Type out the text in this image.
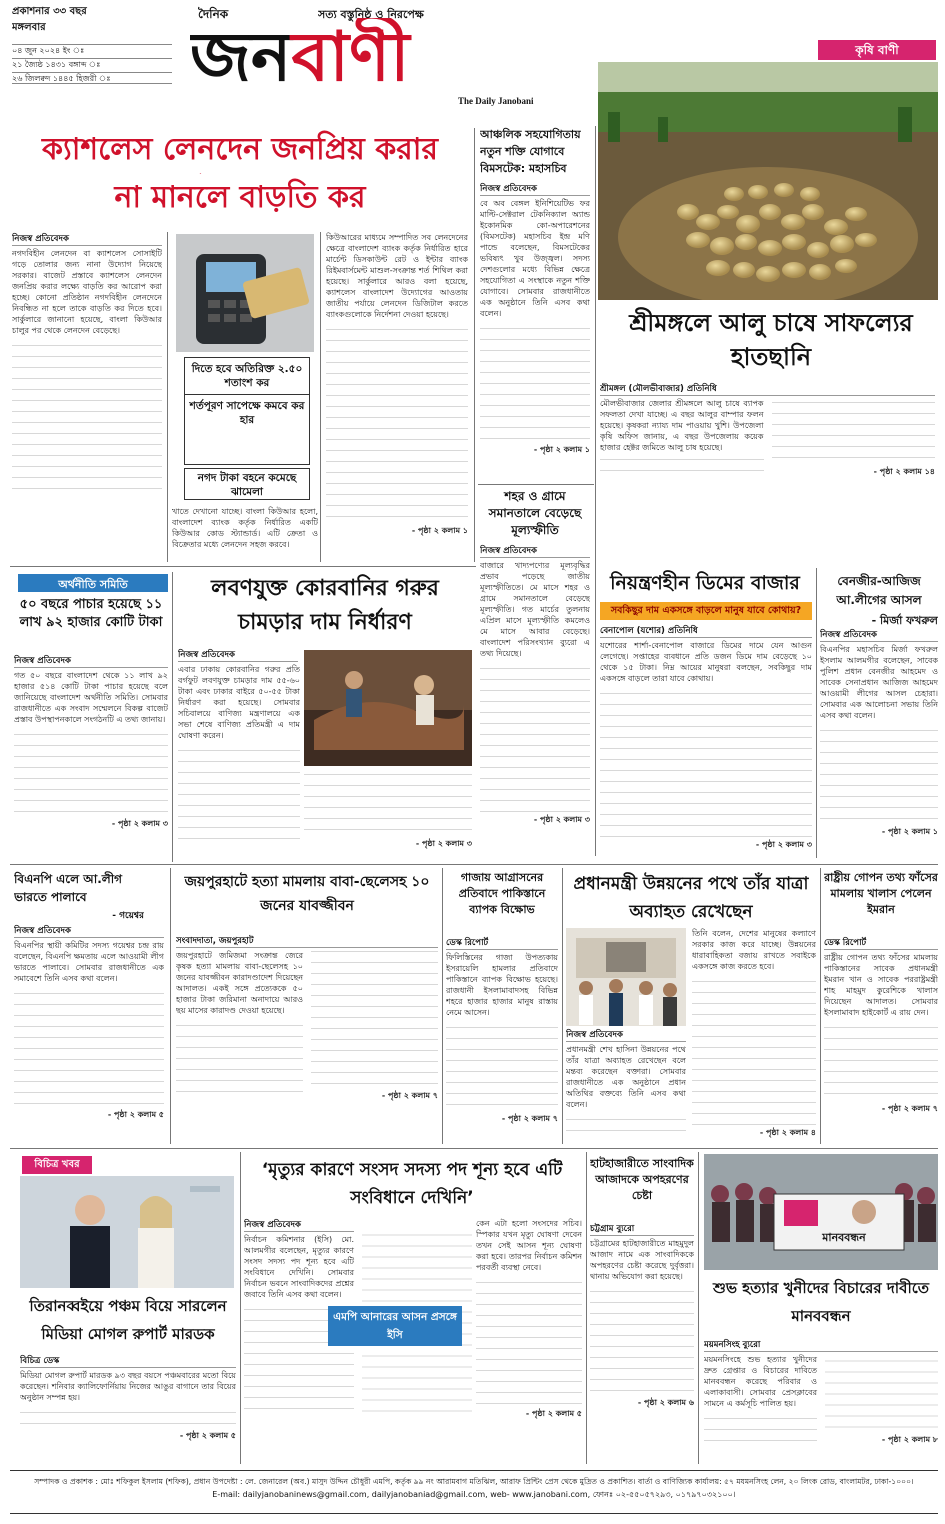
প্রকাশনার ৩৩ বছর
মঙ্গলবার
০৪ জুন ২০২৪ ইং ঃ
২১ জ্যৈষ্ঠ ১৪৩১ বঙ্গাব্দ ঃ
২৬ জিলক্বদ ১৪৪৫ হিজরী ঃ
দৈনিক	সত্য বস্তুনিষ্ঠ ও নিরপেক্ষ
জনবাণী
The Daily Janobani
কৃষি বাণী
শ্রীমঙ্গলে আলু চাষে সাফল্যের হাতছানি
শ্রীমঙ্গল (মৌলভীবাজার) প্রতিনিধি
মৌলভীবাজার জেলার শ্রীমঙ্গলে আলু চাষে ব্যাপক সফলতা দেখা যাচ্ছে। এ বছর আলুর বাম্পার ফলন হয়েছে। কৃষকরা ন্যায্য দাম পাওয়ায় খুশি। উপজেলা কৃষি অফিস জানায়, এ বছর উপজেলায় কয়েক হাজার হেক্টর জমিতে আলু চাষ হয়েছে।
- পৃষ্ঠা ২ কলাম ১৪
ক্যাশলেস লেনদেন জনপ্রিয় করার
না মানলে বাড়তি কর
নিজস্ব প্রতিবেদক
নগদবিহীন লেনদেন বা ক্যাশলেস সোসাইটি গড়ে তোলার জন্য নানা উদ্যোগ নিয়েছে সরকার। বাজেট প্রস্তাবে ক্যাশলেস লেনদেন জনপ্রিয় করার লক্ষ্যে বাড়তি কর আরোপ করা হচ্ছে। কোনো প্রতিষ্ঠান নগদবিহীন লেনদেনে নিবন্ধিত না হলে তাকে বাড়তি কর দিতে হবে। সার্কুলারে জানানো হয়েছে, বাংলা কিউআর চালুর পর থেকে লেনদেন বেড়েছে।
দিতে হবে অতিরিক্ত ২.৫০ শতাংশ কর
শর্তপূরণ সাপেক্ষে কমবে কর হার
নগদ টাকা বহনে কমেছে ঝামেলা
খাতে দেখানো যাচ্ছে। বাংলা কিউআর হলো, বাংলাদেশ ব্যাংক কর্তৃক নির্ধারিত একটি কিউআর কোড স্ট্যান্ডার্ড। এটি ক্রেতা ও বিক্রেতার মধ্যে লেনদেন সহজ করবে।
কিউআরের মাধ্যমে সম্পাদিত সব লেনদেনের ক্ষেত্রে বাংলাদেশ ব্যাংক কর্তৃক নির্ধারিত হারে মার্চেন্ট ডিসকাউন্ট রেট ও ইন্টার ব্যাংক রিইমবার্সমেন্ট মাশুল-সংক্রান্ত শর্ত শিথিল করা হয়েছে। সার্কুলারে আরও বলা হয়েছে, ক্যাশলেস বাংলাদেশ উদ্যোগের আওতায় জাতীয় পর্যায়ে লেনদেন ডিজিটাল করতে ব্যাংকগুলোকে নির্দেশনা দেওয়া হয়েছে।
- পৃষ্ঠা ২ কলাম ১
আঞ্চলিক সহযোগিতায় নতুন শক্তি যোগাবে বিমসটেক: মহাসচিব
নিজস্ব প্রতিবেদক
বে অব বেঙ্গল ইনিশিয়েটিভ ফর মাল্টি-সেক্টরাল টেকনিক্যাল অ্যান্ড ইকোনমিক কো-অপারেশনের (বিমসটেক) মহাসচিব ইন্দ্র মণি পান্ডে বলেছেন, বিমসটেকের ভবিষ্যৎ খুব উজ্জ্বল। সদস্য দেশগুলোর মধ্যে বিভিন্ন ক্ষেত্রে সহযোগিতা এ সংস্থাকে নতুন শক্তি যোগাবে। সোমবার রাজধানীতে এক অনুষ্ঠানে তিনি এসব কথা বলেন।
- পৃষ্ঠা ২ কলাম ১
শহর ও গ্রামে সমানতালে বেড়েছে মূল্যস্ফীতি
নিজস্ব প্রতিবেদক
বাজারে খাদ্যপণ্যের মূল্যবৃদ্ধির প্রভাব পড়েছে জাতীয় মূল্যস্ফীতিতে। মে মাসে শহর ও গ্রামে সমানতালে বেড়েছে মূল্যস্ফীতি। গত মার্চের তুলনায় এপ্রিল মাসে মূল্যস্ফীতি কমলেও মে মাসে আবার বেড়েছে। বাংলাদেশ পরিসংখ্যান ব্যুরো এ তথ্য দিয়েছে।
- পৃষ্ঠা ২ কলাম ৩
অর্থনীতি সমিতি
৫০ বছরে পাচার হয়েছে ১১ লাখ ৯২ হাজার কোটি টাকা
নিজস্ব প্রতিবেদক
গত ৫০ বছরে বাংলাদেশ থেকে ১১ লাখ ৯২ হাজার ৫১৪ কোটি টাকা পাচার হয়েছে বলে জানিয়েছে বাংলাদেশ অর্থনীতি সমিতি। সোমবার রাজধানীতে এক সংবাদ সম্মেলনে বিকল্প বাজেট প্রস্তাব উপস্থাপনকালে সংগঠনটি এ তথ্য জানায়।
- পৃষ্ঠা ২ কলাম ৩
লবণযুক্ত কোরবানির গরুর চামড়ার দাম নির্ধারণ
নিজস্ব প্রতিবেদক
এবার ঢাকায় কোরবানির গরুর প্রতি বর্গফুট লবণযুক্ত চামড়ার দাম ৫৫-৬০ টাকা এবং ঢাকার বাইরে ৫০-৫৫ টাকা নির্ধারণ করা হয়েছে। সোমবার সচিবালয়ে বাণিজ্য মন্ত্রণালয়ে এক সভা শেষে বাণিজ্য প্রতিমন্ত্রী এ দাম ঘোষণা করেন।
- পৃষ্ঠা ২ কলাম ৩
নিয়ন্ত্রণহীন ডিমের বাজার
সবকিছুর দাম একসঙ্গে বাড়লে মানুষ যাবে কোথায়?
বেনাপোল (যশোর) প্রতিনিধি
যশোরের শার্শা-বেনাপোল বাজারে ডিমের দামে যেন আগুন লেগেছে। সপ্তাহের ব্যবধানে প্রতি ডজন ডিমে দাম বেড়েছে ১০ থেকে ১৫ টাকা। নিম্ন আয়ের মানুষরা বলছেন, সবকিছুর দাম একসঙ্গে বাড়লে তারা যাবে কোথায়।
- পৃষ্ঠা ২ কলাম ৩
বেনজীর-আজিজ আ.লীগের আসল
- মির্জা ফখরুল
নিজস্ব প্রতিবেদক
বিএনপির মহাসচিব মির্জা ফখরুল ইসলাম আলমগীর বলেছেন, সাবেক পুলিশ প্রধান বেনজীর আহমেদ ও সাবেক সেনাপ্রধান আজিজ আহমেদ আওয়ামী লীগের আসল চেহারা। সোমবার এক আলোচনা সভায় তিনি এসব কথা বলেন।
- পৃষ্ঠা ২ কলাম ১
বিএনপি এলে আ.লীগ ভারতে পালাবে
- গয়েশ্বর
নিজস্ব প্রতিবেদক
বিএনপির স্থায়ী কমিটির সদস্য গয়েশ্বর চন্দ্র রায় বলেছেন, বিএনপি ক্ষমতায় এলে আওয়ামী লীগ ভারতে পালাবে। সোমবার রাজধানীতে এক সমাবেশে তিনি এসব কথা বলেন।
- পৃষ্ঠা ২ কলাম ৫
জয়পুরহাটে হত্যা মামলায় বাবা-ছেলেসহ ১০ জনের যাবজ্জীবন
সংবাদদাতা, জয়পুরহাট
জয়পুরহাটে জমিজমা সংক্রান্ত জেরে কৃষক হত্যা মামলায় বাবা-ছেলেসহ ১০ জনের যাবজ্জীবন কারাদণ্ডাদেশ দিয়েছেন আদালত। একই সঙ্গে প্রত্যেককে ৫০ হাজার টাকা জরিমানা অনাদায়ে আরও ছয় মাসের কারাদণ্ড দেওয়া হয়েছে।
- পৃষ্ঠা ২ কলাম ৭
গাজায় আগ্রাসনের প্রতিবাদে পাকিস্তানে ব্যাপক বিক্ষোভ
ডেস্ক রিপোর্ট
ফিলিস্তিনের গাজা উপত্যকায় ইসরায়েলি হামলার প্রতিবাদে পাকিস্তানে ব্যাপক বিক্ষোভ হয়েছে। রাজধানী ইসলামাবাদসহ বিভিন্ন শহরে হাজার হাজার মানুষ রাস্তায় নেমে আসেন।
- পৃষ্ঠা ২ কলাম ৭
প্রধানমন্ত্রী উন্নয়নের পথে তাঁর যাত্রা অব্যাহত রেখেছেন
নিজস্ব প্রতিবেদক
প্রধানমন্ত্রী শেখ হাসিনা উন্নয়নের পথে তাঁর যাত্রা অব্যাহত রেখেছেন বলে মন্তব্য করেছেন বক্তারা। সোমবার রাজধানীতে এক অনুষ্ঠানে প্রধান অতিথির বক্তব্যে তিনি এসব কথা বলেন।
তিনি বলেন, দেশের মানুষের কল্যাণে সরকার কাজ করে যাচ্ছে। উন্নয়নের ধারাবাহিকতা বজায় রাখতে সবাইকে একসঙ্গে কাজ করতে হবে।
- পৃষ্ঠা ২ কলাম ৪
রাষ্ট্রীয় গোপন তথ্য ফাঁসের মামলায় খালাস পেলেন ইমরান
ডেস্ক রিপোর্ট
রাষ্ট্রীয় গোপন তথ্য ফাঁসের মামলায় পাকিস্তানের সাবেক প্রধানমন্ত্রী ইমরান খান ও সাবেক পররাষ্ট্রমন্ত্রী শাহ মাহমুদ কুরেশিকে খালাস দিয়েছেন আদালত। সোমবার ইসলামাবাদ হাইকোর্ট এ রায় দেন।
- পৃষ্ঠা ২ কলাম ৭
বিচিত্র খবর
তিরানব্বইয়ে পঞ্চম বিয়ে সারলেন মিডিয়া মোগল রুপার্ট মারডক
বিচিত্র ডেস্ক
মিডিয়া মোগল রুপার্ট মারডক ৯৩ বছর বয়সে পঞ্চমবারের মতো বিয়ে করেছেন। শনিবার ক্যালিফোর্নিয়ায় নিজের আঙুর বাগানে তার বিয়ের অনুষ্ঠান সম্পন্ন হয়।
- পৃষ্ঠা ২ কলাম ৫
‘মৃত্যুর কারণে সংসদ সদস্য পদ শূন্য হবে এটি সংবিধানে দেখিনি’
নিজস্ব প্রতিবেদক
নির্বাচন কমিশনার (ইসি) মো. আলমগীর বলেছেন, মৃত্যুর কারণে সংসদ সদস্য পদ শূন্য হবে এটি সংবিধানে দেখিনি। সোমবার নির্বাচন ভবনে সাংবাদিকদের প্রশ্নের জবাবে তিনি এসব কথা বলেন।
এমপি আনারের আসন প্রসঙ্গে ইসি
কেন এটা হলো সংসদের সচিব। স্পিকার যখন মৃত্যু ঘোষণা দেবেন তখন সেই আসন শূন্য ঘোষণা করা হবে। তারপর নির্বাচন কমিশন পরবর্তী ব্যবস্থা নেবে।
- পৃষ্ঠা ২ কলাম ৫
হাটহাজারীতে সাংবাদিক আজাদকে অপহরণের চেষ্টা
চট্টগ্রাম ব্যুরো
চট্টগ্রামের হাটহাজারীতে মাহমুদুল আজাদ নামে এক সাংবাদিককে অপহরণের চেষ্টা করেছে দুর্বৃত্তরা। থানায় অভিযোগ করা হয়েছে।
- পৃষ্ঠা ২ কলাম ৬
মানববন্ধন
শুভ হত্যার খুনীদের বিচারের দাবীতে মানববন্ধন
ময়মনসিংহ ব্যুরো
ময়মনসিংহে শুভ হত্যার খুনীদের দ্রুত গ্রেপ্তার ও বিচারের দাবিতে মানববন্ধন করেছে পরিবার ও এলাকাবাসী। সোমবার প্রেসক্লাবের সামনে এ কর্মসূচি পালিত হয়।
- পৃষ্ঠা ২ কলাম ৮
সম্পাদক ও প্রকাশক : মোঃ শফিকুল ইসলাম (শফিক), প্রধান উপদেষ্টা : লে. জেনারেল (অব.) মাসুদ উদ্দিন চৌধুরী এমপি, কর্তৃক ৯৯ নং আরামবাগ মতিঝিল, আরাফ প্রিন্টিং প্রেস থেকে মুদ্রিত ও প্রকাশিত। বার্তা ও বাণিজ্যিক কার্যালয়: ৫৭ মযমনসিংহ লেন, ২০ লিংক রোড, বাংলামটর, ঢাকা-১০০০।
E-mail: dailyjanobaninews@gmail.com, dailyjanobaniad@gmail.com, web- www.janobani.com, ফোনঃ ০২-৫৫০৫৭২৯৩, ০১৭৯৭০৩২১০০।
